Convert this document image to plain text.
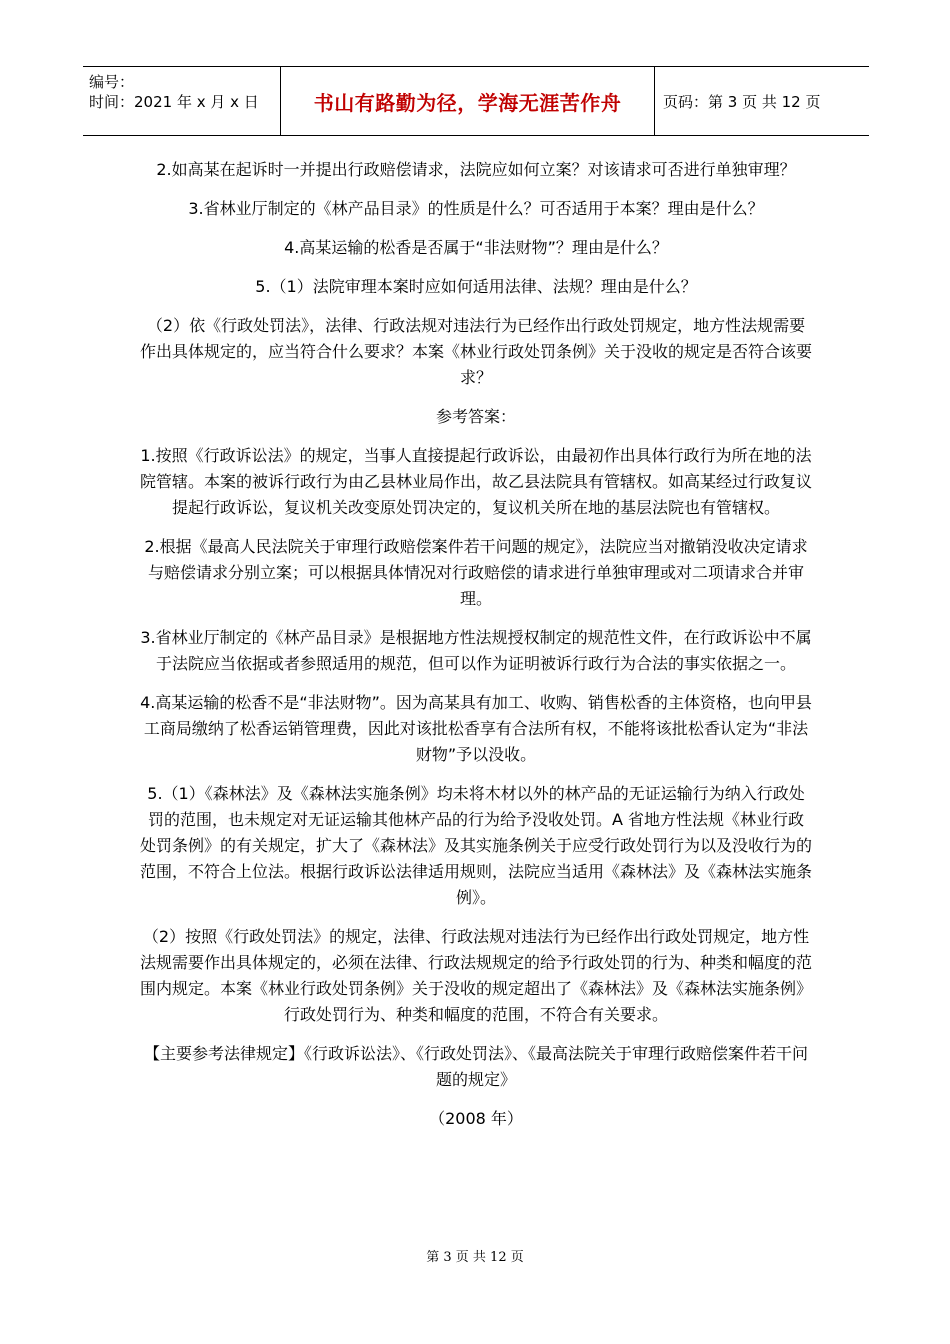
编号：
时间：2021 年 x 月 x 日	书山有路勤为径，学海无涯苦作舟	页码：第 3 页 共 12 页

2.如高某在起诉时一并提出行政赔偿请求，法院应如何立案？对该请求可否进行单独审理？

3.省林业厅制定的《林产品目录》的性质是什么？可否适用于本案？理由是什么？

4.高某运输的松香是否属于“非法财物”？理由是什么？

5.（1）法院审理本案时应如何适用法律、法规？理由是什么？

（2）依《行政处罚法》，法律、行政法规对违法行为已经作出行政处罚规定，地方性法规需要作出具体规定的，应当符合什么要求？本案《林业行政处罚条例》关于没收的规定是否符合该要求？

参考答案：

1.按照《行政诉讼法》的规定，当事人直接提起行政诉讼，由最初作出具体行政行为所在地的法院管辖。本案的被诉行政行为由乙县林业局作出，故乙县法院具有管辖权。如高某经过行政复议提起行政诉讼，复议机关改变原处罚决定的，复议机关所在地的基层法院也有管辖权。

2.根据《最高人民法院关于审理行政赔偿案件若干问题的规定》，法院应当对撤销没收决定请求与赔偿请求分别立案；可以根据具体情况对行政赔偿的请求进行单独审理或对二项请求合并审理。

3.省林业厅制定的《林产品目录》是根据地方性法规授权制定的规范性文件，在行政诉讼中不属于法院应当依据或者参照适用的规范，但可以作为证明被诉行政行为合法的事实依据之一。

4.高某运输的松香不是“非法财物”。因为高某具有加工、收购、销售松香的主体资格，也向甲县工商局缴纳了松香运销管理费，因此对该批松香享有合法所有权，不能将该批松香认定为“非法财物”予以没收。

5.（1）《森林法》及《森林法实施条例》均未将木材以外的林产品的无证运输行为纳入行政处罚的范围，也未规定对无证运输其他林产品的行为给予没收处罚。A 省地方性法规《林业行政处罚条例》的有关规定，扩大了《森林法》及其实施条例关于应受行政处罚行为以及没收行为的范围，不符合上位法。根据行政诉讼法律适用规则，法院应当适用《森林法》及《森林法实施条例》。

（2）按照《行政处罚法》的规定，法律、行政法规对违法行为已经作出行政处罚规定，地方性法规需要作出具体规定的，必须在法律、行政法规规定的给予行政处罚的行为、种类和幅度的范围内规定。本案《林业行政处罚条例》关于没收的规定超出了《森林法》及《森林法实施条例》行政处罚行为、种类和幅度的范围，不符合有关要求。

【主要参考法律规定】《行政诉讼法》、《行政处罚法》、《最高法院关于审理行政赔偿案件若干问题的规定》

（2008 年）

第 3 页 共 12 页
